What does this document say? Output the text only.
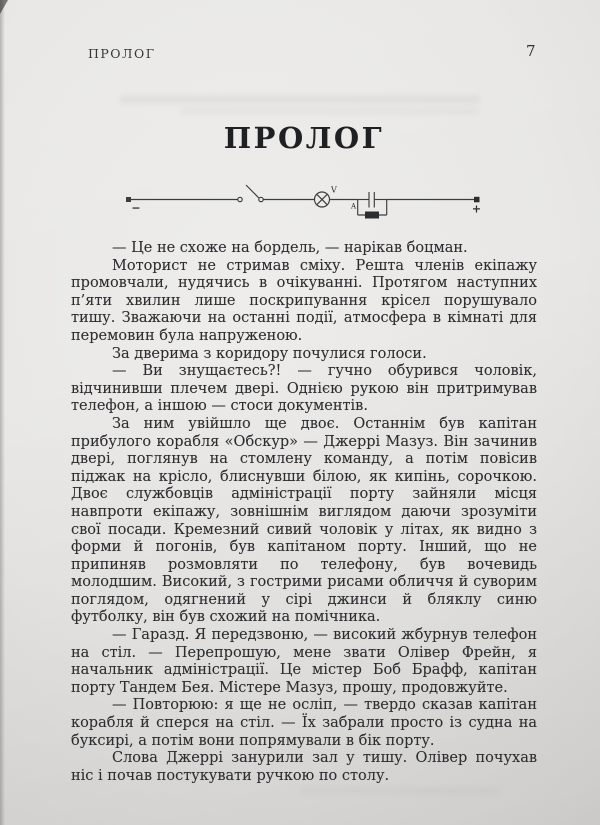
ПРОЛОГ	7
ПРОЛОГ
−
V
A	+

— Це не схоже на бордель, — нарікав боцман.

Моторист не стримав сміху. Решта членів екіпажу промовчали, нудячись в очікуванні. Протягом наступних п’яти хвилин лише поскрипування крісел порушувало тишу. Зважаючи на останні події, атмосфера в кімнаті для перемовин була напруженою.

За дверима з коридору почулися голоси.

— Ви знущаєтесь?! — гучно обурився чоловік, відчинивши плечем двері. Однією рукою він притримував телефон, а іншою — стоси документів.

За ним увійшло ще двоє. Останнім був капітан прибулого корабля «Обскур» — Джеррі Мазуз. Він зачинив двері, поглянув на стомлену команду, а потім повісив піджак на крісло, блиснувши білою, як кипінь, сорочкою. Двоє службовців адміністрації порту зайняли місця навпроти екіпажу, зовнішнім виглядом даючи зрозуміти свої посади. Кремезний сивий чоловік у літах, як видно з форми й погонів, був капітаном порту. Інший, що не припиняв розмовляти по телефону, був вочевидь молодшим. Високий, з гострими рисами обличчя й суворим поглядом, одягнений у сірі джинси й бляклу синю футболку, він був схожий на помічника.

— Гаразд. Я передзвоню, — високий жбурнув телефон на стіл. — Перепрошую, мене звати Олівер Фрейн, я начальник адміністрації. Це містер Боб Брафф, капітан порту Тандем Бея. Містере Мазуз, прошу, продовжуйте.

— Повторюю: я ще не осліп, — твердо сказав капітан корабля й сперся на стіл. — Їх забрали просто із судна на буксирі, а потім вони попрямували в бік порту.

Слова Джеррі занурили зал у тишу. Олівер почухав ніс і почав постукувати ручкою по столу.
